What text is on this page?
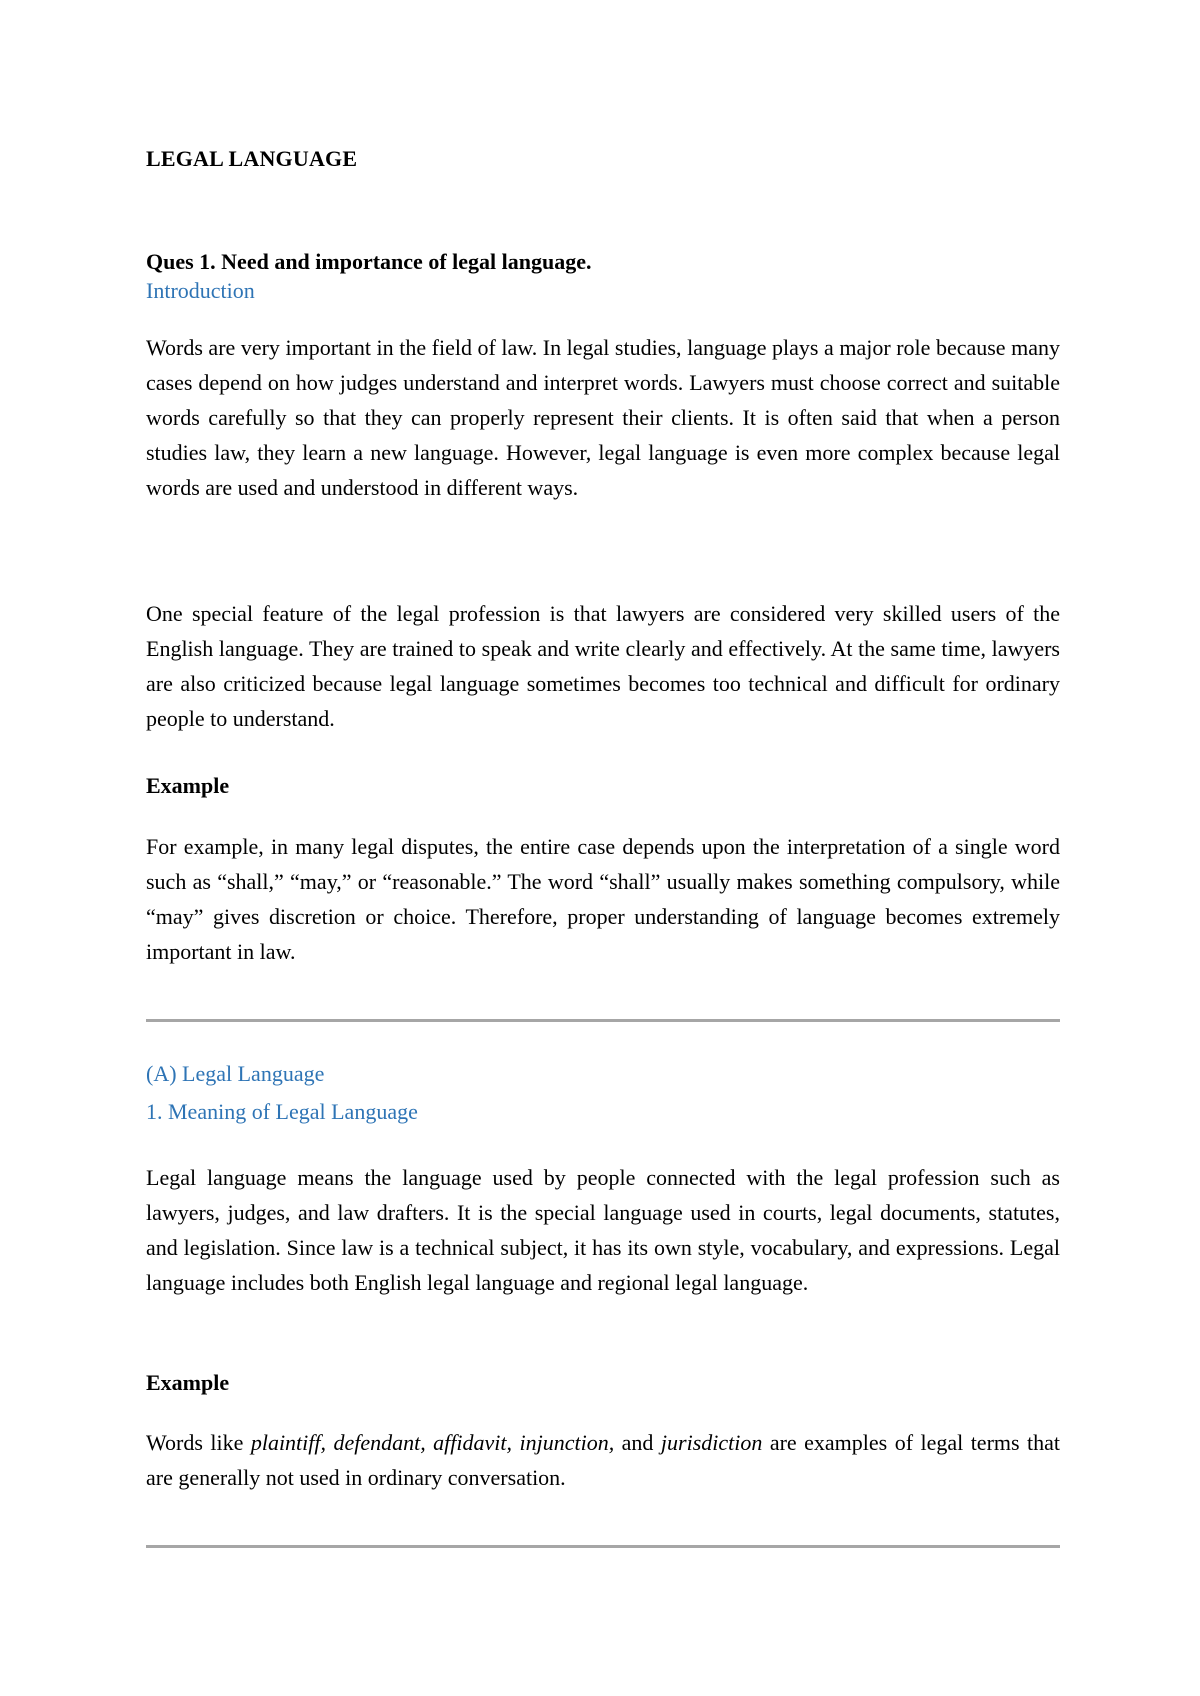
LEGAL LANGUAGE
Ques 1. Need and importance of legal language.
Introduction

Words are very important in the field of law. In legal studies, language plays a major role because many cases depend on how judges understand and interpret words. Lawyers must choose correct and suitable words carefully so that they can properly represent their clients. It is often said that when a person studies law, they learn a new language. However, legal language is even more complex because legal words are used and understood in different ways.

One special feature of the legal profession is that lawyers are considered very skilled users of the English language. They are trained to speak and write clearly and effectively. At the same time, lawyers are also criticized because legal language sometimes becomes too technical and difficult for ordinary people to understand.

Example

For example, in many legal disputes, the entire case depends upon the interpretation of a single word such as “shall,” “may,” or “reasonable.” The word “shall” usually makes something compulsory, while “may” gives discretion or choice. Therefore, proper understanding of language becomes extremely important in law.

(A) Legal Language
1. Meaning of Legal Language

Legal language means the language used by people connected with the legal profession such as lawyers, judges, and law drafters. It is the special language used in courts, legal documents, statutes, and legislation. Since law is a technical subject, it has its own style, vocabulary, and expressions. Legal language includes both English legal language and regional legal language.

Example

Words like plaintiff, defendant, affidavit, injunction, and jurisdiction are examples of legal terms that are generally not used in ordinary conversation.
